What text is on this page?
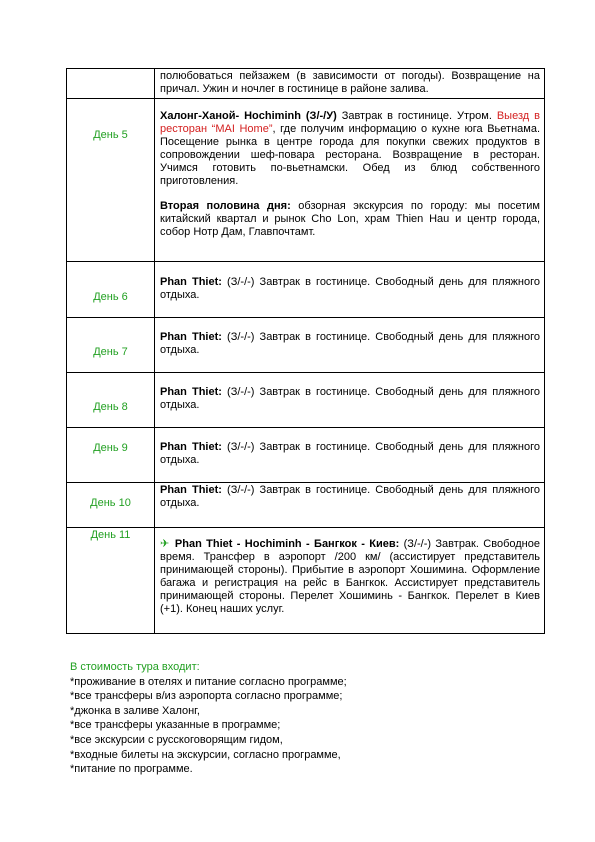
	полюбоваться пейзажем (в зависимости от погоды). Возвращение на причал. Ужин и ночлег в гостинице в районе залива.

День 5	Халонг-Ханой- Hochiminh (З/-/У) Завтрак в гостинице. Утром. Выезд в ресторан “MAI Home”, где получим информацию о кухне юга Вьетнама. Посещение рынка в центре города для покупки свежих продуктов в сопровождении шеф-повара ресторана. Возвращение в ресторан. Учимся готовить по-вьетнамски. Обед из блюд собственного приготовления.

Вторая половина дня: обзорная экскурсия по городу: мы посетим китайский квартал и рынок Cho Lon, храм Thien Hau и центр города, собор Нотр Дам, Главпочтамт.

День 6	Phan Thiet: (З/-/-) Завтрак в гостинице. Свободный день для пляжного отдыха.

День 7	Phan Thiet: (З/-/-) Завтрак в гостинице. Свободный день для пляжного отдыха.

День 8	Phan Thiet: (З/-/-) Завтрак в гостинице. Свободный день для пляжного отдыха.

День 9	Phan Thiet: (З/-/-) Завтрак в гостинице. Свободный день для пляжного отдыха.

День 10	Phan Thiet: (З/-/-) Завтрак в гостинице. Свободный день для пляжного отдыха.

День 11	✈ Phan Thiet - Hochiminh - Бангкок - Киев: (З/-/-) Завтрак. Свободное время. Трансфер в аэропорт /200 км/ (ассистирует представитель принимающей стороны). Прибытие в аэропорт Хошимина. Оформление багажа и регистрация на рейс в Бангкок. Ассистирует представитель принимающей стороны. Перелет Хошиминь - Бангкок. Перелет в Киев (+1). Конец наших услуг.

В стоимость тура входит:
*проживание в отелях и питание согласно программе;
*все трансферы в/из аэропорта согласно программе;
*джонка в заливе Халонг,
*все трансферы указанные в программе;
*все экскурсии с русскоговорящим гидом,
*входные билеты на экскурсии, согласно программе,
*питание по программе.
